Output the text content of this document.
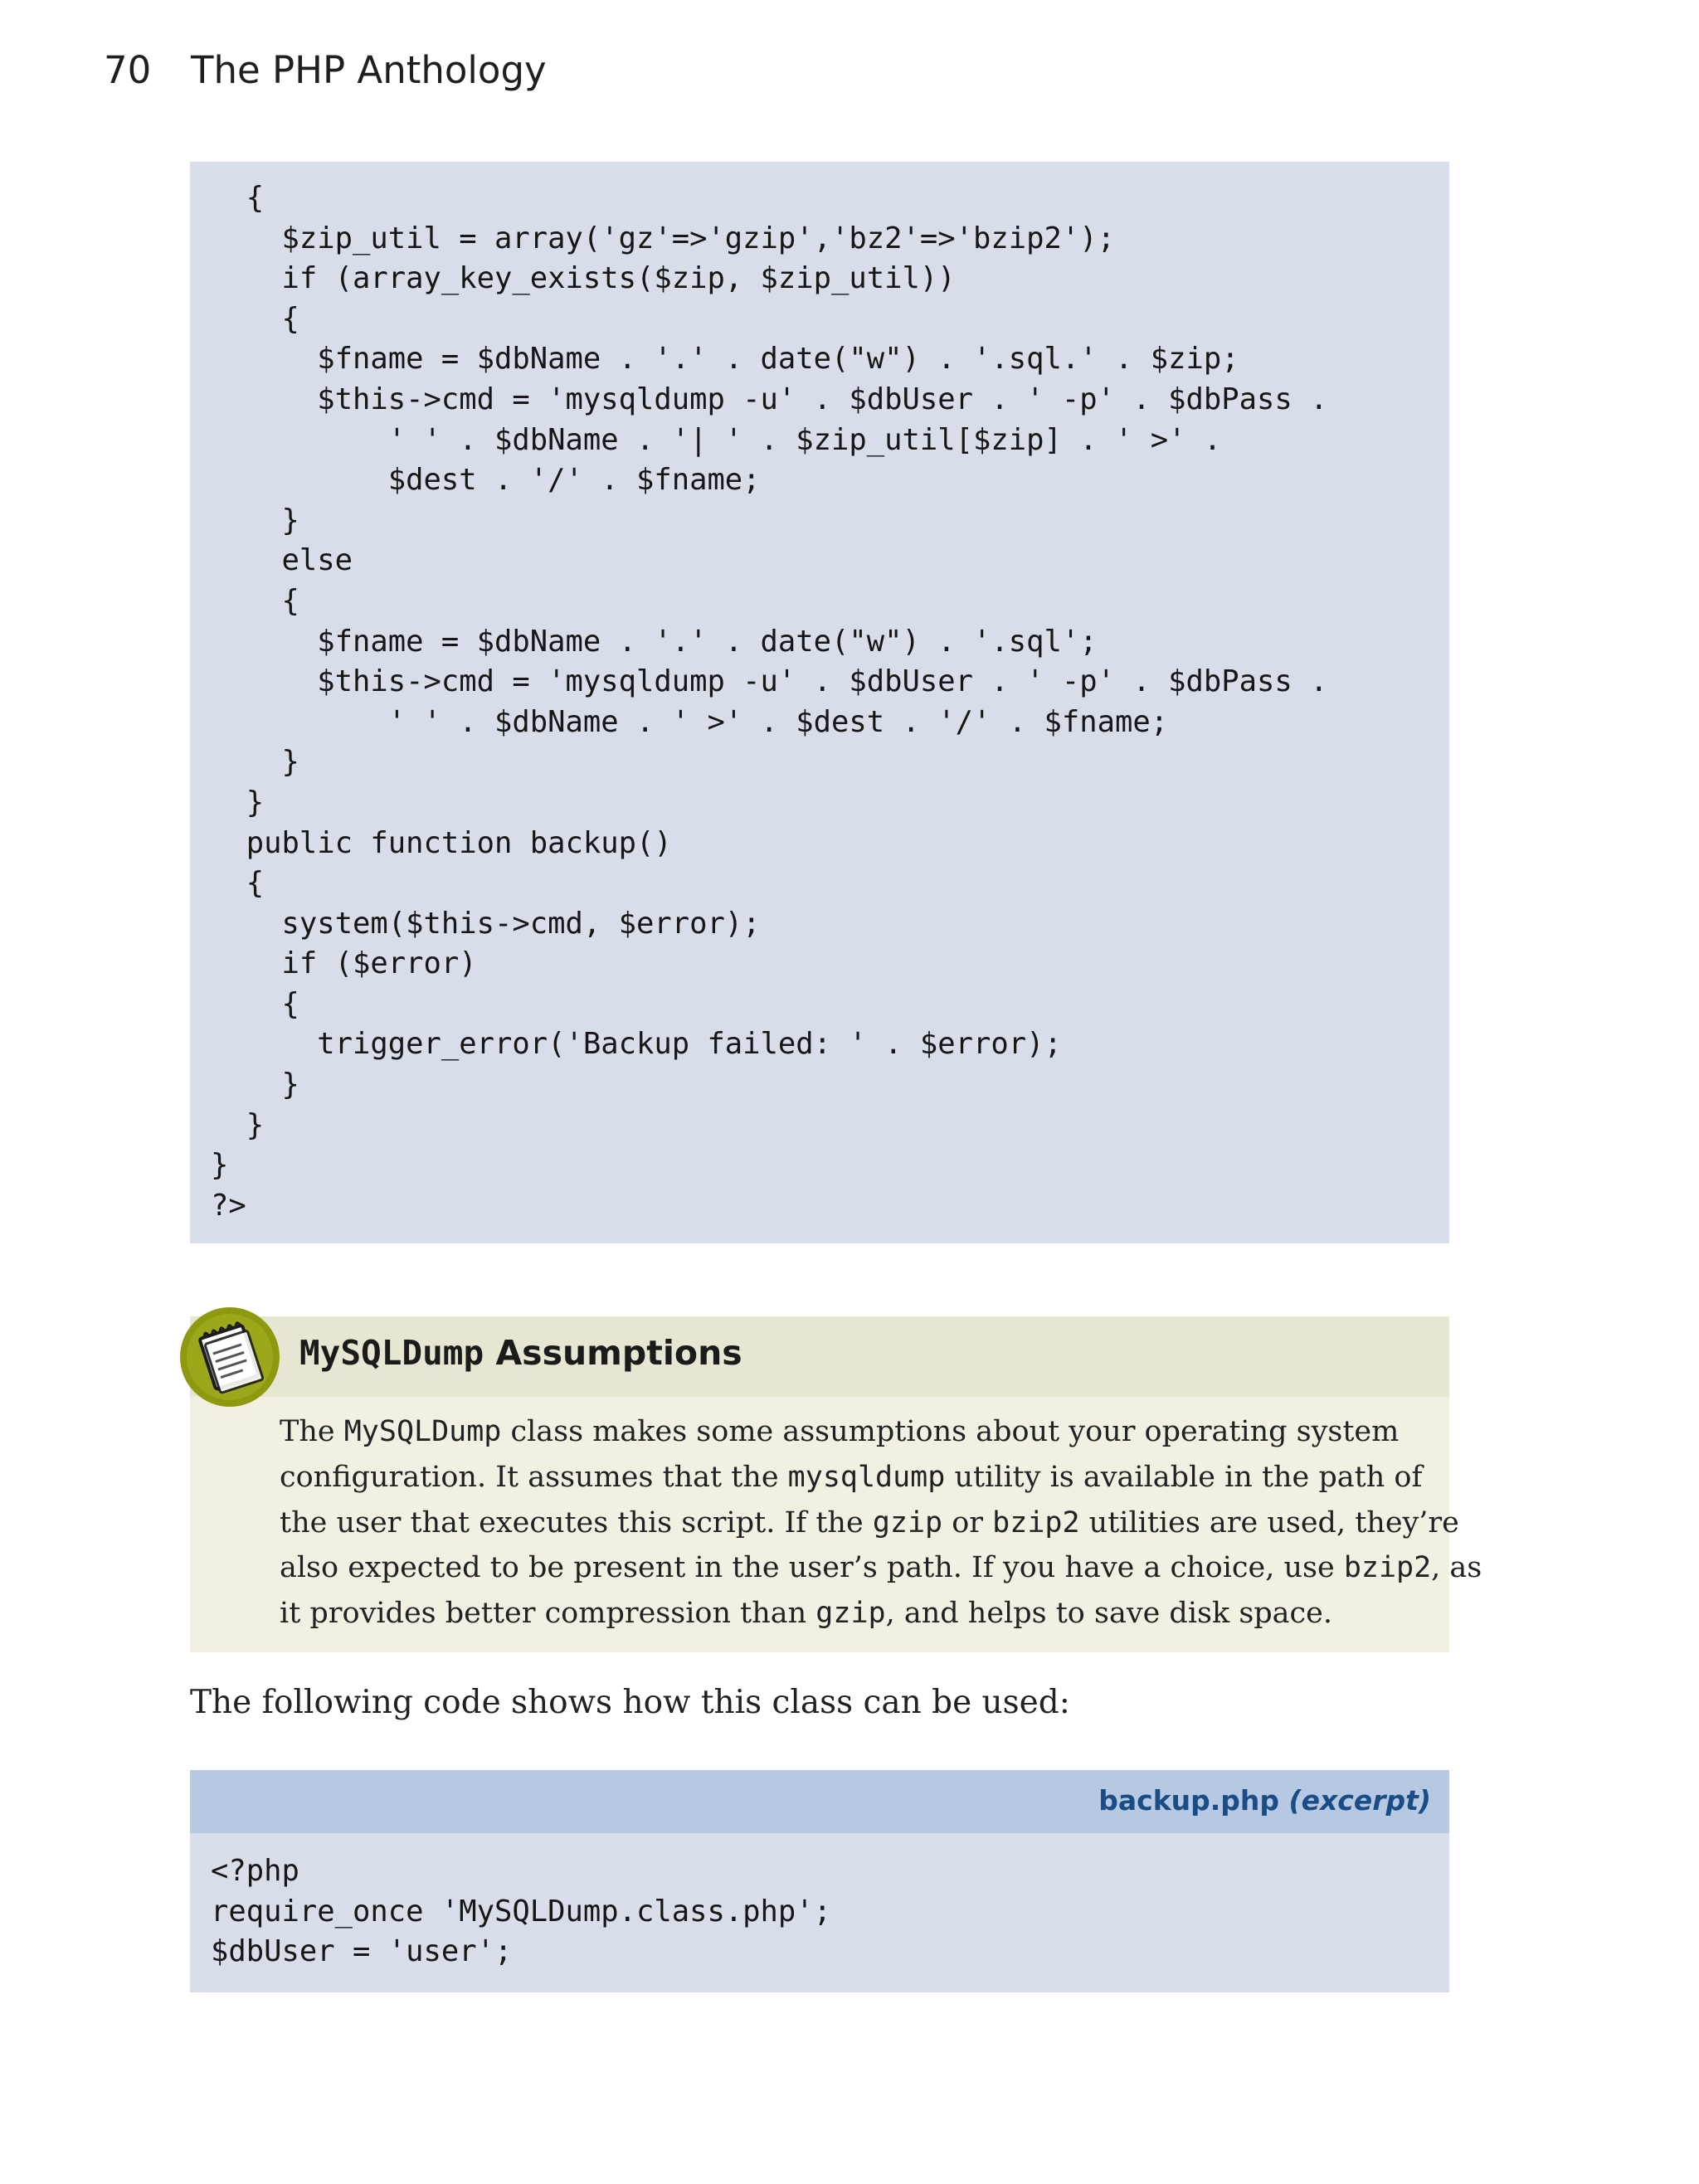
70 The PHP Anthology
{
$zip_util = array('gz'=>'gzip','bz2'=>'bzip2');
if (array_key_exists($zip, $zip_util))
{
$fname = $dbName . '.' . date("w") . '.sql.' . $zip;
$this->cmd = 'mysqldump -u' . $dbUser . ' -p' . $dbPass .
' ' . $dbName . '| ' . $zip_util[$zip] . ' >' .
$dest . '/' . $fname;
}
else
{
$fname = $dbName . '.' . date("w") . '.sql';
$this->cmd = 'mysqldump -u' . $dbUser . ' -p' . $dbPass .
' ' . $dbName . ' >' . $dest . '/' . $fname;
}
}
public function backup()
{
system($this->cmd, $error);
if ($error)
{
trigger_error('Backup failed: ' . $error);
}
}
}
?>
MySQLDump Assumptions

The MySQLDump class makes some assumptions about your operating system

configuration. It assumes that the mysqldump utility is available in the path of

the user that executes this script. If the gzip or bzip2 utilities are used, they’re

also expected to be present in the user’s path. If you have a choice, use bzip2, as

it provides better compression than gzip, and helps to save disk space.

The following code shows how this class can be used:
backup.php (excerpt)
<?php
require_once 'MySQLDump.class.php';
$dbUser = 'user';
